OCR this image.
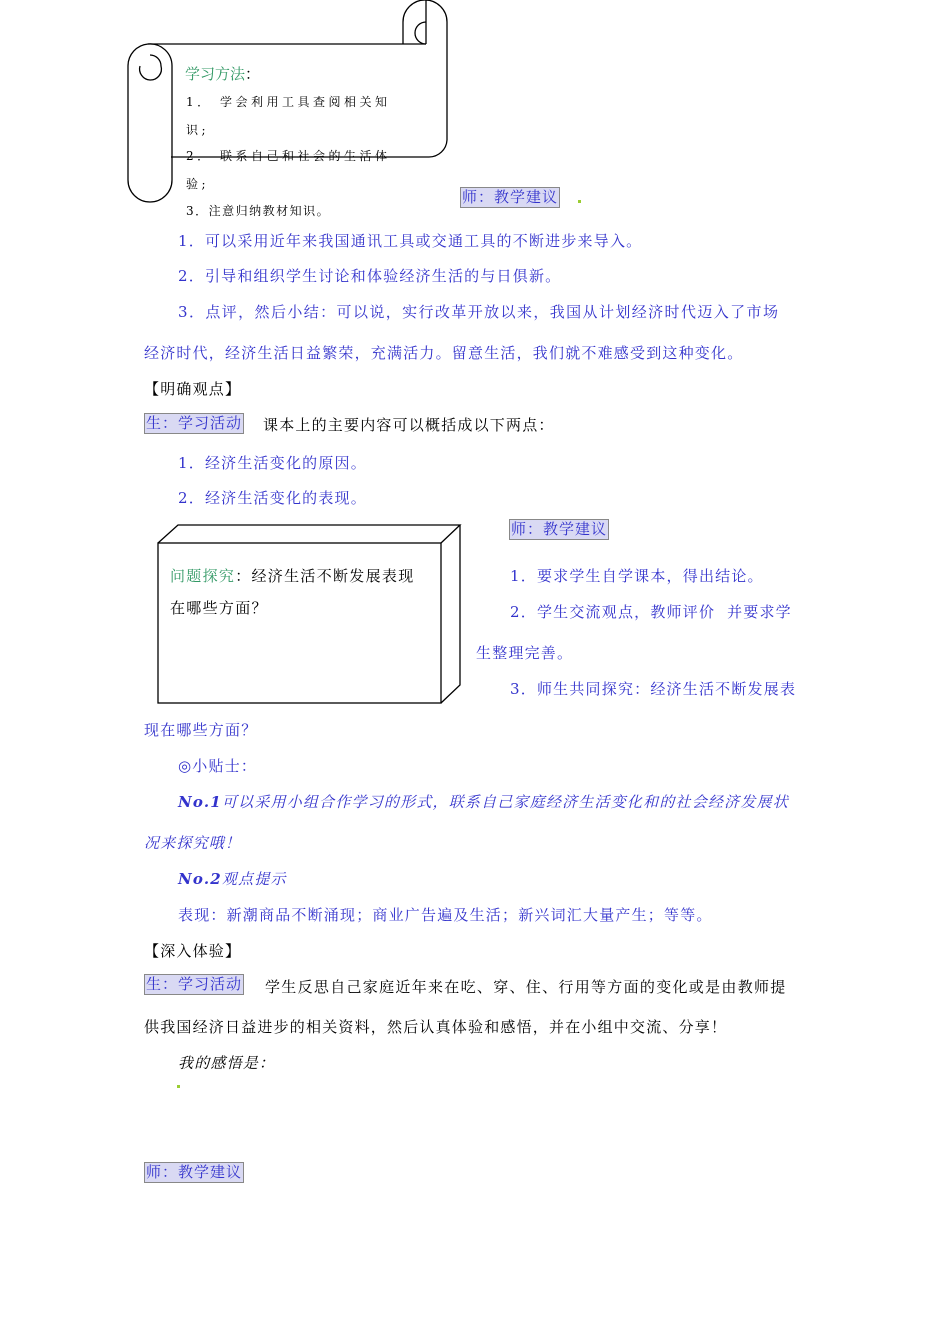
学习方法：
1． 学会利用工具查阅相关知
识;
2． 联系自己和社会的生活体
验;
3．注意归纳教材知识。
师：教学建议
1．可以采用近年来我国通讯工具或交通工具的不断进步来导入。
2．引导和组织学生讨论和体验经济生活的与日俱新。
3．点评，然后小结：可以说，实行改革开放以来，我国从计划经济时代迈入了市场
经济时代，经济生活日益繁荣，充满活力。留意生活，我们就不难感受到这种变化。
【明确观点】
生：学习活动 课本上的主要内容可以概括成以下两点：
1．经济生活变化的原因。
2．经济生活变化的表现。
问题探究：经济生活不断发展表现
在哪些方面？
师：教学建议
1．要求学生自学课本，得出结论。
2．学生交流观点，教师评价  并要求学
生整理完善。
3．师生共同探究：经济生活不断发展表
现在哪些方面？
◎小贴士：
No.1可以采用小组合作学习的形式，联系自己家庭经济生活变化和的社会经济发展状
况来探究哦！
No.2观点提示
表现：新潮商品不断涌现；商业广告遍及生活；新兴词汇大量产生；等等。
【深入体验】
生：学习活动 学生反思自己家庭近年来在吃、穿、住、行用等方面的变化或是由教师提
供我国经济日益进步的相关资料，然后认真体验和感悟，并在小组中交流、分享！
我的感悟是：
师：教学建议
